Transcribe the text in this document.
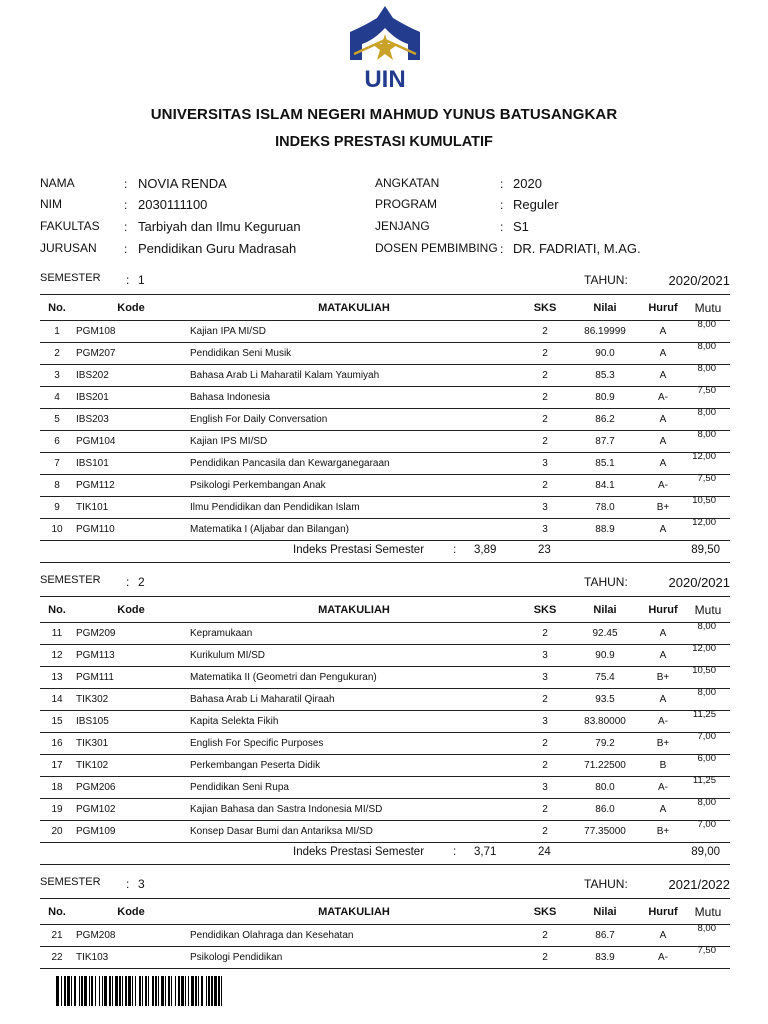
UIN
UNIVERSITAS ISLAM NEGERI MAHMUD YUNUS BATUSANGKAR
INDEKS PRESTASI KUMULATIF
NAMA	: NOVIA RENDA
NIM	: 2030111100
FAKULTAS : Tarbiyah dan Ilmu Keguruan
JURUSAN : Pendidikan Guru Madrasah
ANGKATAN	: 2020
PROGRAM	: Reguler
JENJANG	: S1
DOSEN PEMBIMBING : DR. FADRIATI, M.AG.
SEMESTER : 1	TAHUN:	2020/2021
No.	Kode	MATAKULIAH	SKS	Nilai	Huruf	Mutu
1	PGM108	Kajian IPA MI/SD	2	86.19999	A	8,00
2	PGM207	Pendidikan Seni Musik	2	90.0	A	8,00
3	IBS202	Bahasa Arab Li Maharatil Kalam Yaumiyah	2	85.3	A	8,00
4	IBS201	Bahasa Indonesia	2	80.9	A-	7,50
5	IBS203	English For Daily Conversation	2	86.2	A	8,00
6	PGM104	Kajian IPS MI/SD	2	87.7	A	8,00
7	IBS101	Pendidikan Pancasila dan Kewarganegaraan	3	85.1	A	12,00
8	PGM112	Psikologi Perkembangan Anak	2	84.1	A-	7,50
9	TIK101	Ilmu Pendidikan dan Pendidikan Islam	3	78.0	B+	10,50
10	PGM110	Matematika I (Aljabar dan Bilangan)	3	88.9	A	12,00
Indeks Prestasi Semester	: 3,89	23	89,50
SEMESTER : 2	TAHUN:	2020/2021
No.	Kode	MATAKULIAH	SKS	Nilai	Huruf	Mutu
11	PGM209	Kepramukaan	2	92.45	A	8,00
12	PGM113	Kurikulum MI/SD	3	90.9	A	12,00
13	PGM111	Matematika II (Geometri dan Pengukuran)	3	75.4	B+	10,50
14	TIK302	Bahasa Arab Li Maharatil Qiraah	2	93.5	A	8,00
15	IBS105	Kapita Selekta Fikih	3	83.80000	A-	11,25
16	TIK301	English For Specific Purposes	2	79.2	B+	7,00
17	TIK102	Perkembangan Peserta Didik	2	71.22500	B	6,00
18	PGM206	Pendidikan Seni Rupa	3	80.0	A-	11,25
19	PGM102	Kajian Bahasa dan Sastra Indonesia MI/SD	2	86.0	A	8,00
20	PGM109	Konsep Dasar Bumi dan Antariksa MI/SD	2	77.35000	B+	7,00
Indeks Prestasi Semester	: 3,71	24	89,00
SEMESTER : 3	TAHUN:	2021/2022
No.	Kode	MATAKULIAH	SKS	Nilai	Huruf	Mutu
21	PGM208	Pendidikan Olahraga dan Kesehatan	2	86.7	A	8,00
22	TIK103	Psikologi Pendidikan	2	83.9	A-	7,50
